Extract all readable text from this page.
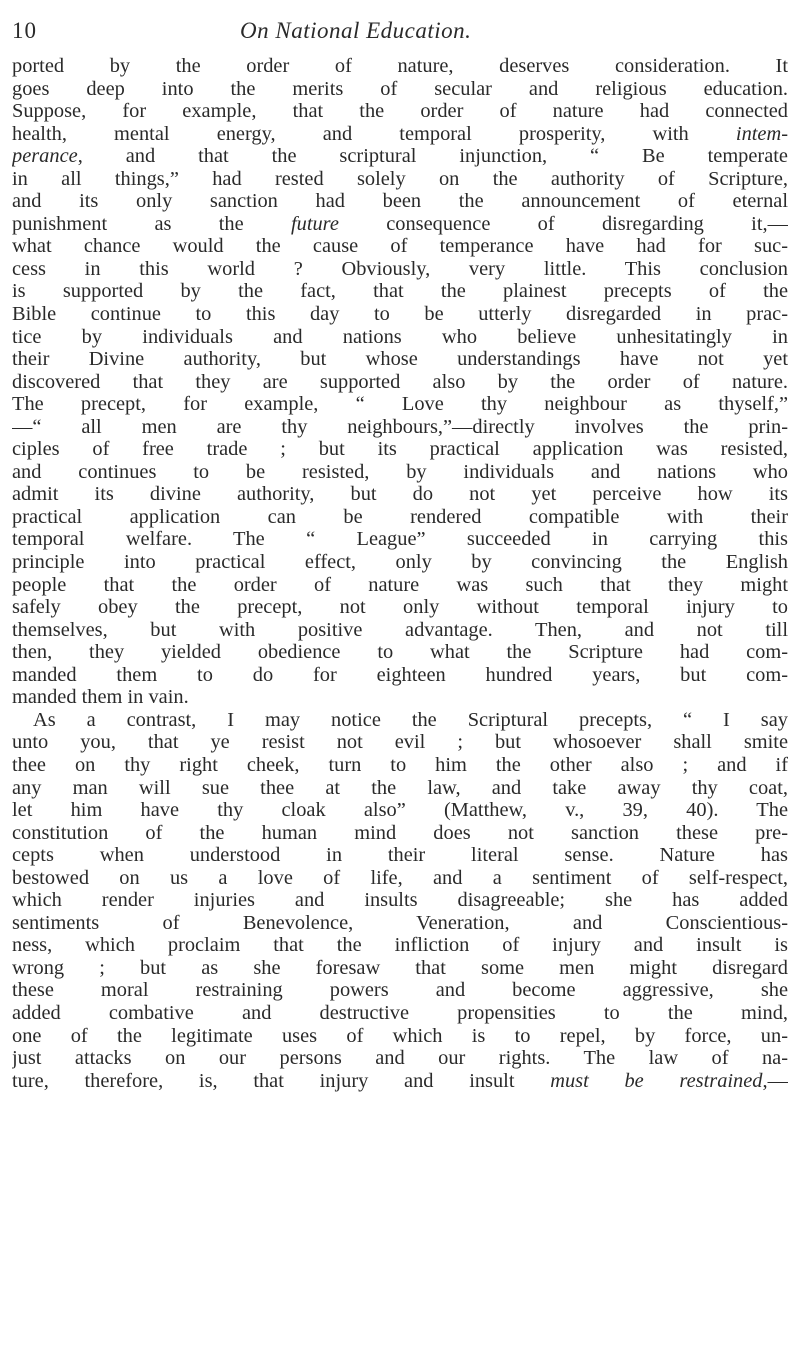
10	On National Education.
ported by the order of nature, deserves consideration. It
goes deep into the merits of secular and religious education.
Suppose, for example, that the order of nature had connected
health, mental energy, and temporal prosperity, with intem-
perance, and that the scriptural injunction, “ Be temperate
in all things,” had rested solely on the authority of Scripture,
and its only sanction had been the announcement of eternal
punishment as the future consequence of disregarding it,—
what chance would the cause of temperance have had for suc-
cess in this world ? Obviously, very little. This conclusion
is supported by the fact, that the plainest precepts of the
Bible continue to this day to be utterly disregarded in prac-
tice by individuals and nations who believe unhesitatingly in
their Divine authority, but whose understandings have not yet
discovered that they are supported also by the order of nature.
The precept, for example, “ Love thy neighbour as thyself,”
—“ all men are thy neighbours,”—directly involves the prin-
ciples of free trade ; but its practical application was resisted,
and continues to be resisted, by individuals and nations who
admit its divine authority, but do not yet perceive how its
practical application can be rendered compatible with their
temporal welfare. The “ League” succeeded in carrying this
principle into practical effect, only by convincing the English
people that the order of nature was such that they might
safely obey the precept, not only without temporal injury to
themselves, but with positive advantage. Then, and not till
then, they yielded obedience to what the Scripture had com-
manded them to do for eighteen hundred years, but com-
manded them in vain.
As a contrast, I may notice the Scriptural precepts, “ I say
unto you, that ye resist not evil ; but whosoever shall smite
thee on thy right cheek, turn to him the other also ; and if
any man will sue thee at the law, and take away thy coat,
let him have thy cloak also” (Matthew, v., 39, 40). The
constitution of the human mind does not sanction these pre-
cepts when understood in their literal sense. Nature has
bestowed on us a love of life, and a sentiment of self-respect,
which render injuries and insults disagreeable; she has added
sentiments of Benevolence, Veneration, and Conscientious-
ness, which proclaim that the infliction of injury and insult is
wrong ; but as she foresaw that some men might disregard
these moral restraining powers and become aggressive, she
added combative and destructive propensities to the mind,
one of the legitimate uses of which is to repel, by force, un-
just attacks on our persons and our rights. The law of na-
ture, therefore, is, that injury and insult must be restrained,—
